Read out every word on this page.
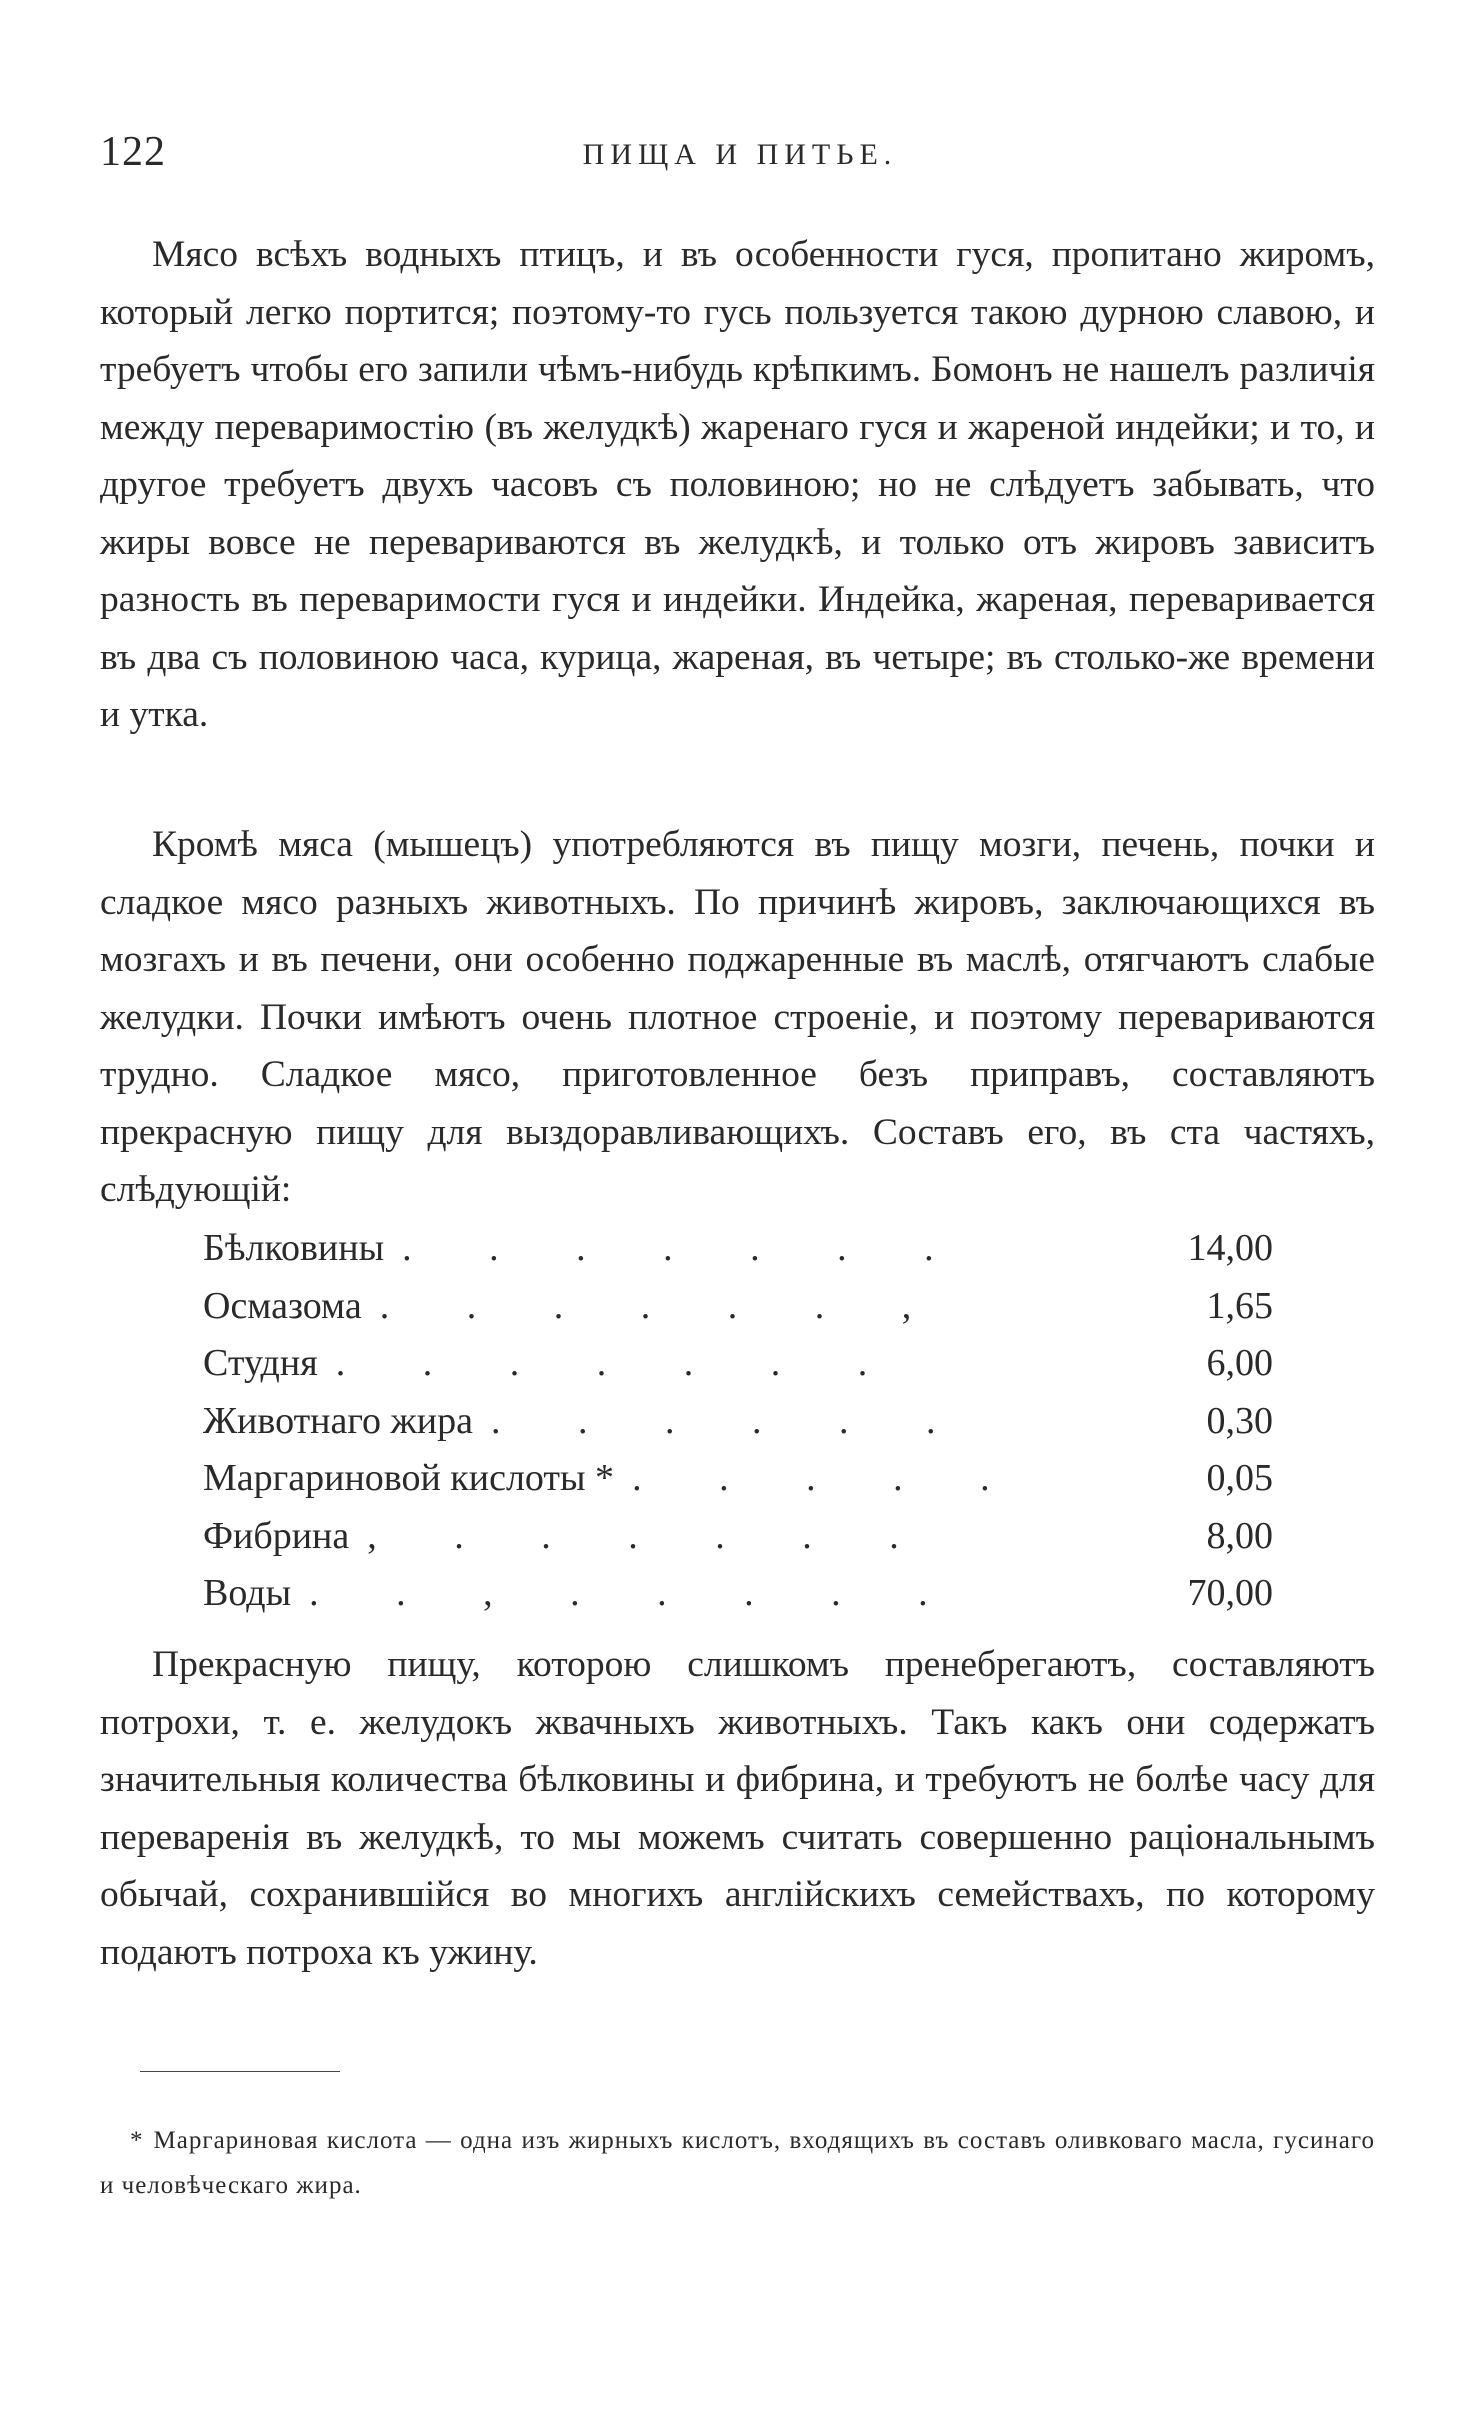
122	ПИЩА И ПИТЬЕ.

Мясо всѣхъ водныхъ птицъ, и въ особенности гуся, пропитано жиромъ, который легко портится; поэтому-то гусь пользуется такою дурною славою, и требуетъ чтобы его запили чѣмъ-нибудь крѣпкимъ. Бомонъ не нашелъ различія между переваримостію (въ желудкѣ) жаренаго гуся и жареной индейки; и то, и другое требуетъ двухъ часовъ съ половиною; но не слѣдуетъ забывать, что жиры вовсе не перевариваются въ желудкѣ, и только отъ жировъ зависитъ разность въ переваримости гуся и индейки. Индейка, жареная, переваривается въ два съ половиною часа, курица, жареная, въ четыре; въ столько-же времени и утка.

Кромѣ мяса (мышецъ) употребляются въ пищу мозги, печень, почки и сладкое мясо разныхъ животныхъ. По причинѣ жировъ, заключающихся въ мозгахъ и въ печени, они особенно поджаренные въ маслѣ, отягчаютъ слабые желудки. Почки имѣютъ очень плотное строеніе, и поэтому перевариваются трудно. Сладкое мясо, приготовленное безъ приправъ, составляютъ прекрасную пищу для выздоравливающихъ. Составъ его, въ ста частяхъ, слѣдующій:

Бѣлковины . . . . . . .	14,00
Осмазома . . . . . . ,	1,65
Студня . . . . . . .	6,00
Животнаго жира . . . . . .	0,30
Маргариновой кислоты * . . . . .	0,05
Фибрина , . . . . . .	8,00
Воды . . , . . . . .	70,00

Прекрасную пищу, которою слишкомъ пренебрегаютъ, составляютъ потрохи, т. е. желудокъ жвачныхъ животныхъ. Такъ какъ они содержатъ значительныя количества бѣлковины и фибрина, и требуютъ не болѣе часу для переваренія въ желудкѣ, то мы можемъ считать совершенно раціональнымъ обычай, сохранившійся во многихъ англійскихъ семействахъ, по которому подаютъ потроха къ ужину.

* Маргариновая кислота — одна изъ жирныхъ кислотъ, входящихъ въ составъ оливковаго масла, гусинаго и человѣческаго жира.
